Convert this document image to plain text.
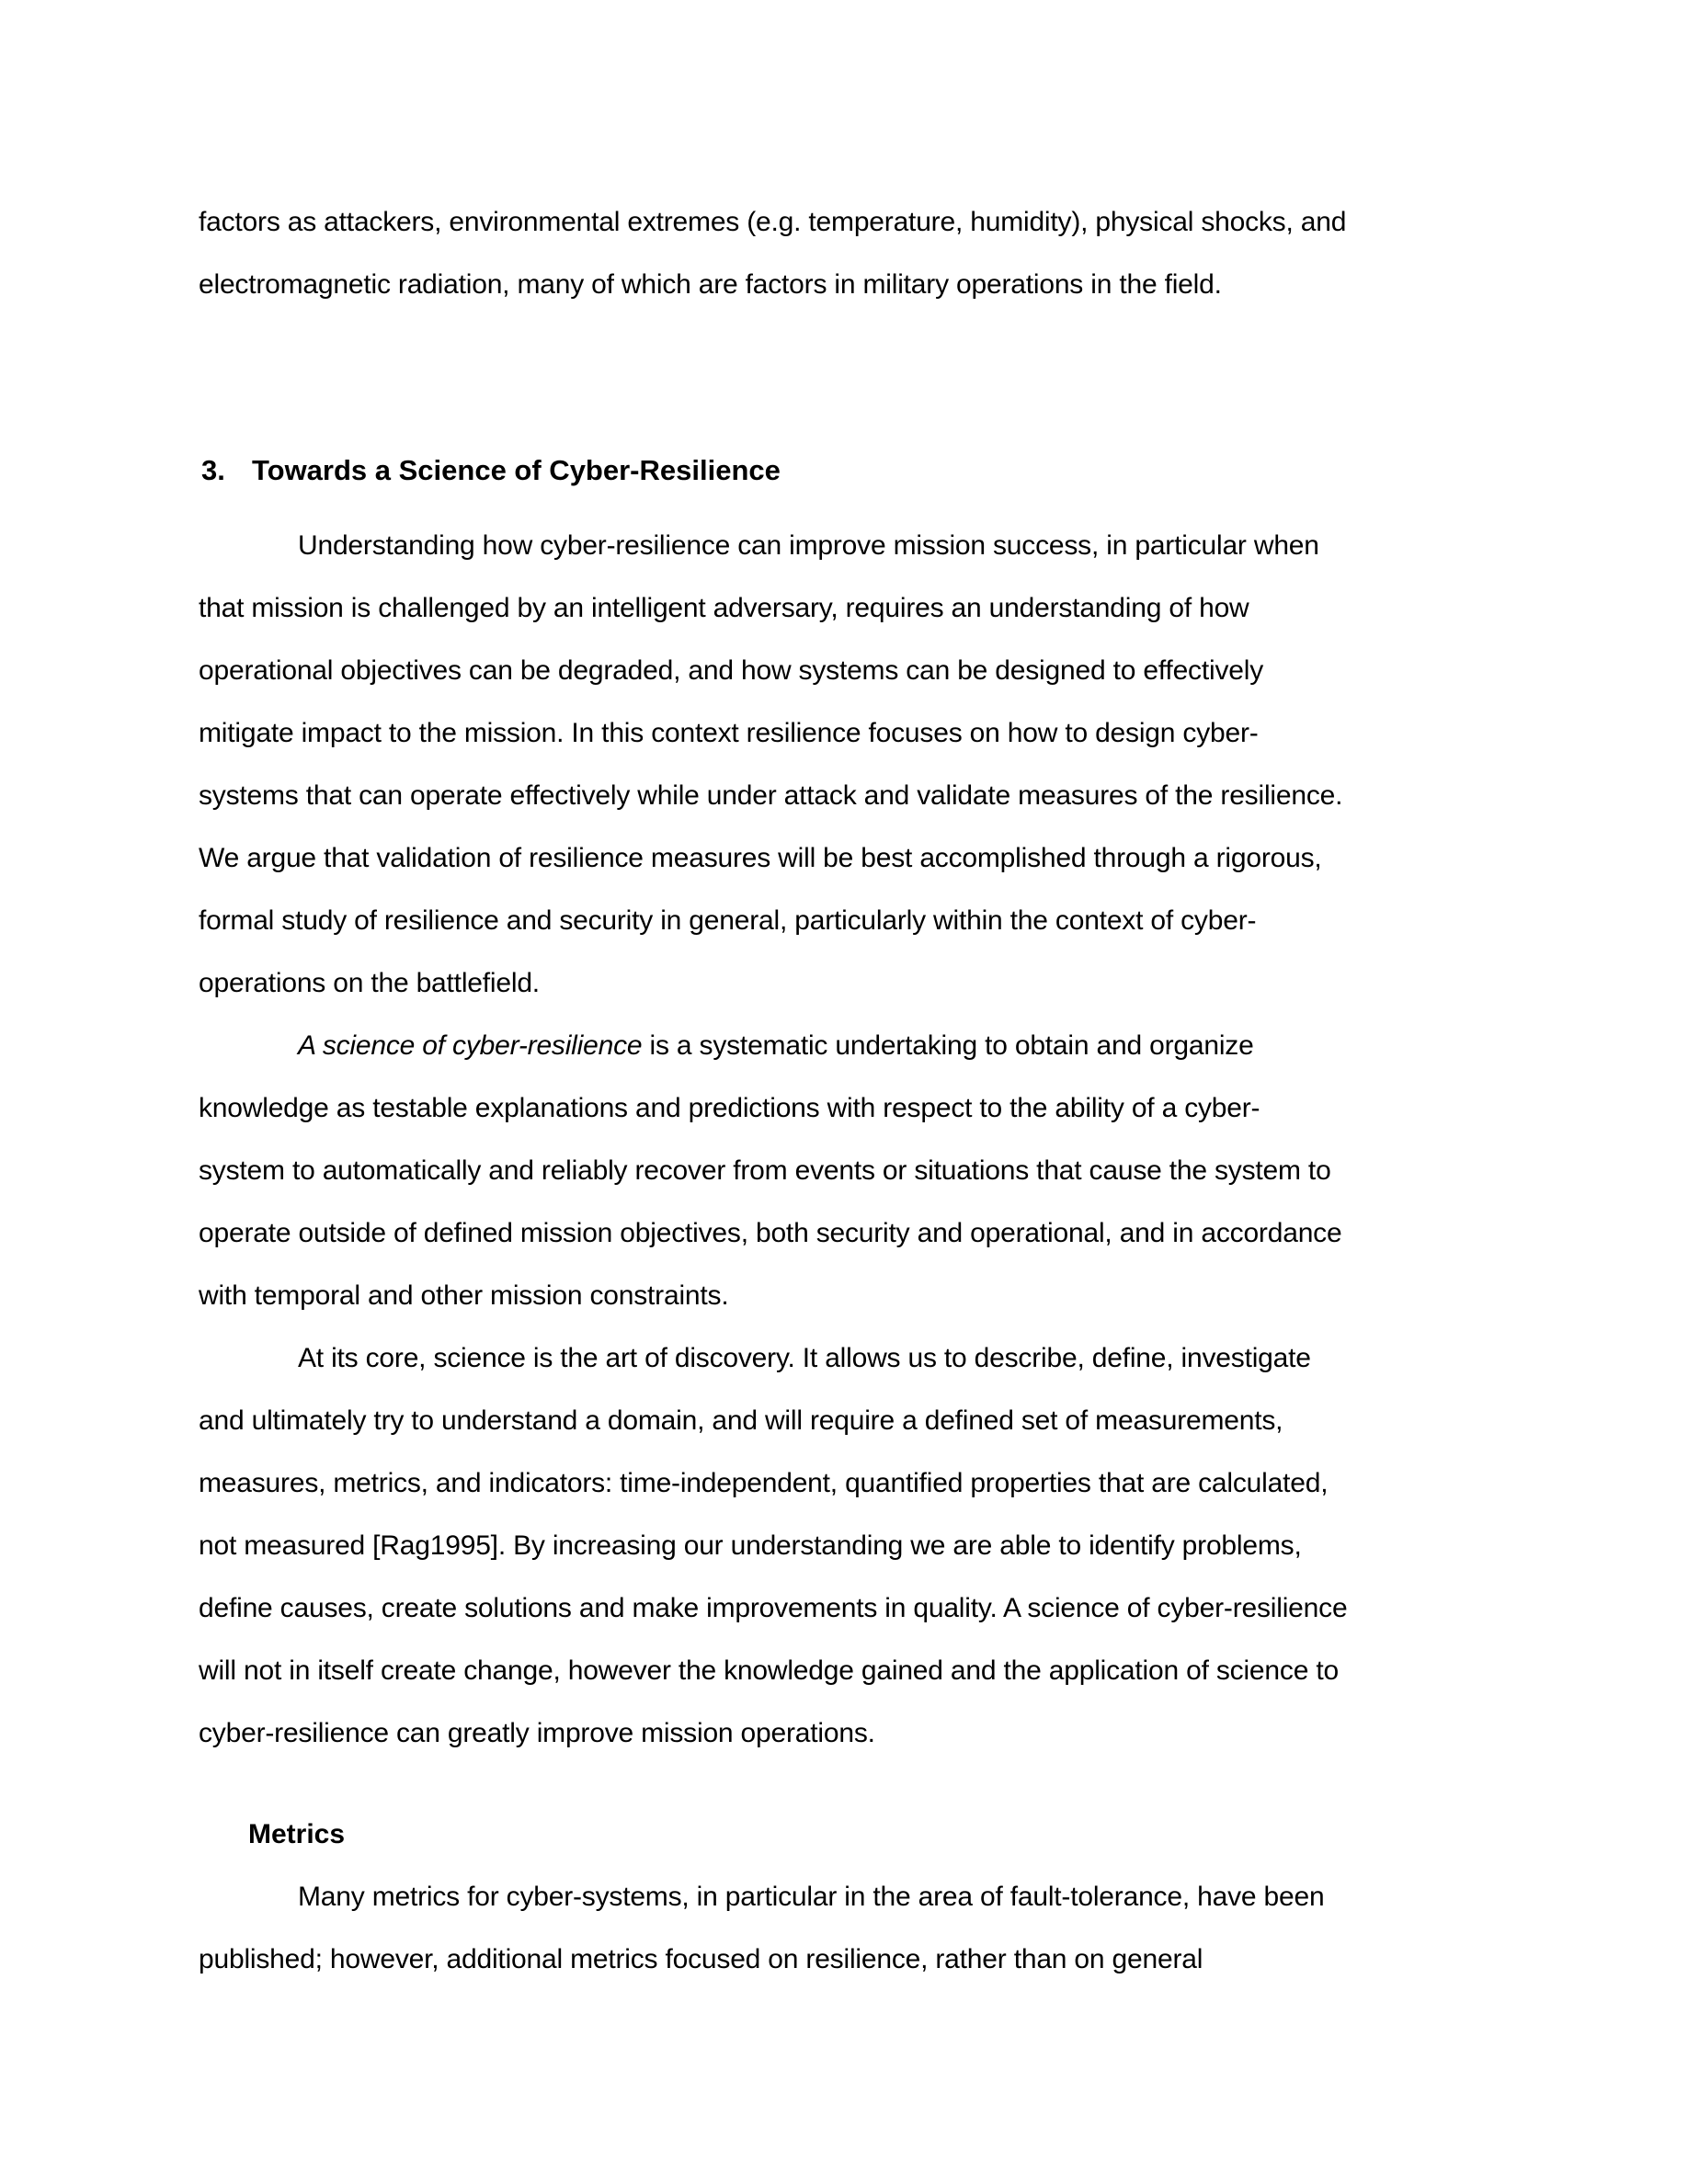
factors as attackers, environmental extremes (e.g. temperature, humidity), physical shocks, and
electromagnetic radiation, many of which are factors in military operations in the field.
3. Towards a Science of Cyber-Resilience
Understanding how cyber-resilience can improve mission success, in particular when
that mission is challenged by an intelligent adversary, requires an understanding of how
operational objectives can be degraded, and how systems can be designed to effectively
mitigate impact to the mission. In this context resilience focuses on how to design cyber-
systems that can operate effectively while under attack and validate measures of the resilience.
We argue that validation of resilience measures will be best accomplished through a rigorous,
formal study of resilience and security in general, particularly within the context of cyber-
operations on the battlefield.
A science of cyber-resilience is a systematic undertaking to obtain and organize
knowledge as testable explanations and predictions with respect to the ability of a cyber-
system to automatically and reliably recover from events or situations that cause the system to
operate outside of defined mission objectives, both security and operational, and in accordance
with temporal and other mission constraints.
At its core, science is the art of discovery. It allows us to describe, define, investigate
and ultimately try to understand a domain, and will require a defined set of measurements,
measures, metrics, and indicators: time-independent, quantified properties that are calculated,
not measured [Rag1995]. By increasing our understanding we are able to identify problems,
define causes, create solutions and make improvements in quality. A science of cyber-resilience
will not in itself create change, however the knowledge gained and the application of science to
cyber-resilience can greatly improve mission operations.
Metrics
Many metrics for cyber-systems, in particular in the area of fault-tolerance, have been
published; however, additional metrics focused on resilience, rather than on general
